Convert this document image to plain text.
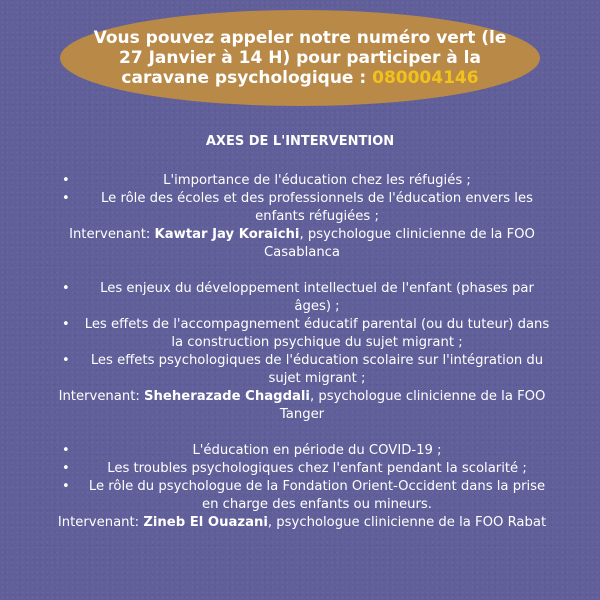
Vous pouvez appeler notre numéro vert (le 27 Janvier à 14 H) pour participer à la caravane psychologique : 080004146
AXES DE L'INTERVENTION
•	L'importance de l'éducation chez les réfugiés ;
• Le rôle des écoles et des professionnels de l'éducation envers les enfants réfugiées ;

Intervenant: Kawtar Jay Koraichi, psychologue clinicienne de la FOO Casablanca

• Les enjeux du développement intellectuel de l'enfant (phases par âges) ;
• Les effets de l'accompagnement éducatif parental (ou du tuteur) dans la construction psychique du sujet migrant ;
• Les effets psychologiques de l'éducation scolaire sur l'intégration du sujet migrant ;

Intervenant: Sheherazade Chagdali, psychologue clinicienne de la FOO Tanger

•	L'éducation en période du COVID-19 ;
•	Les troubles psychologiques chez l'enfant pendant la scolarité ;
• Le rôle du psychologue de la Fondation Orient-Occident dans la prise en charge des enfants ou mineurs.

Intervenant: Zineb El Ouazani, psychologue clinicienne de la FOO Rabat
